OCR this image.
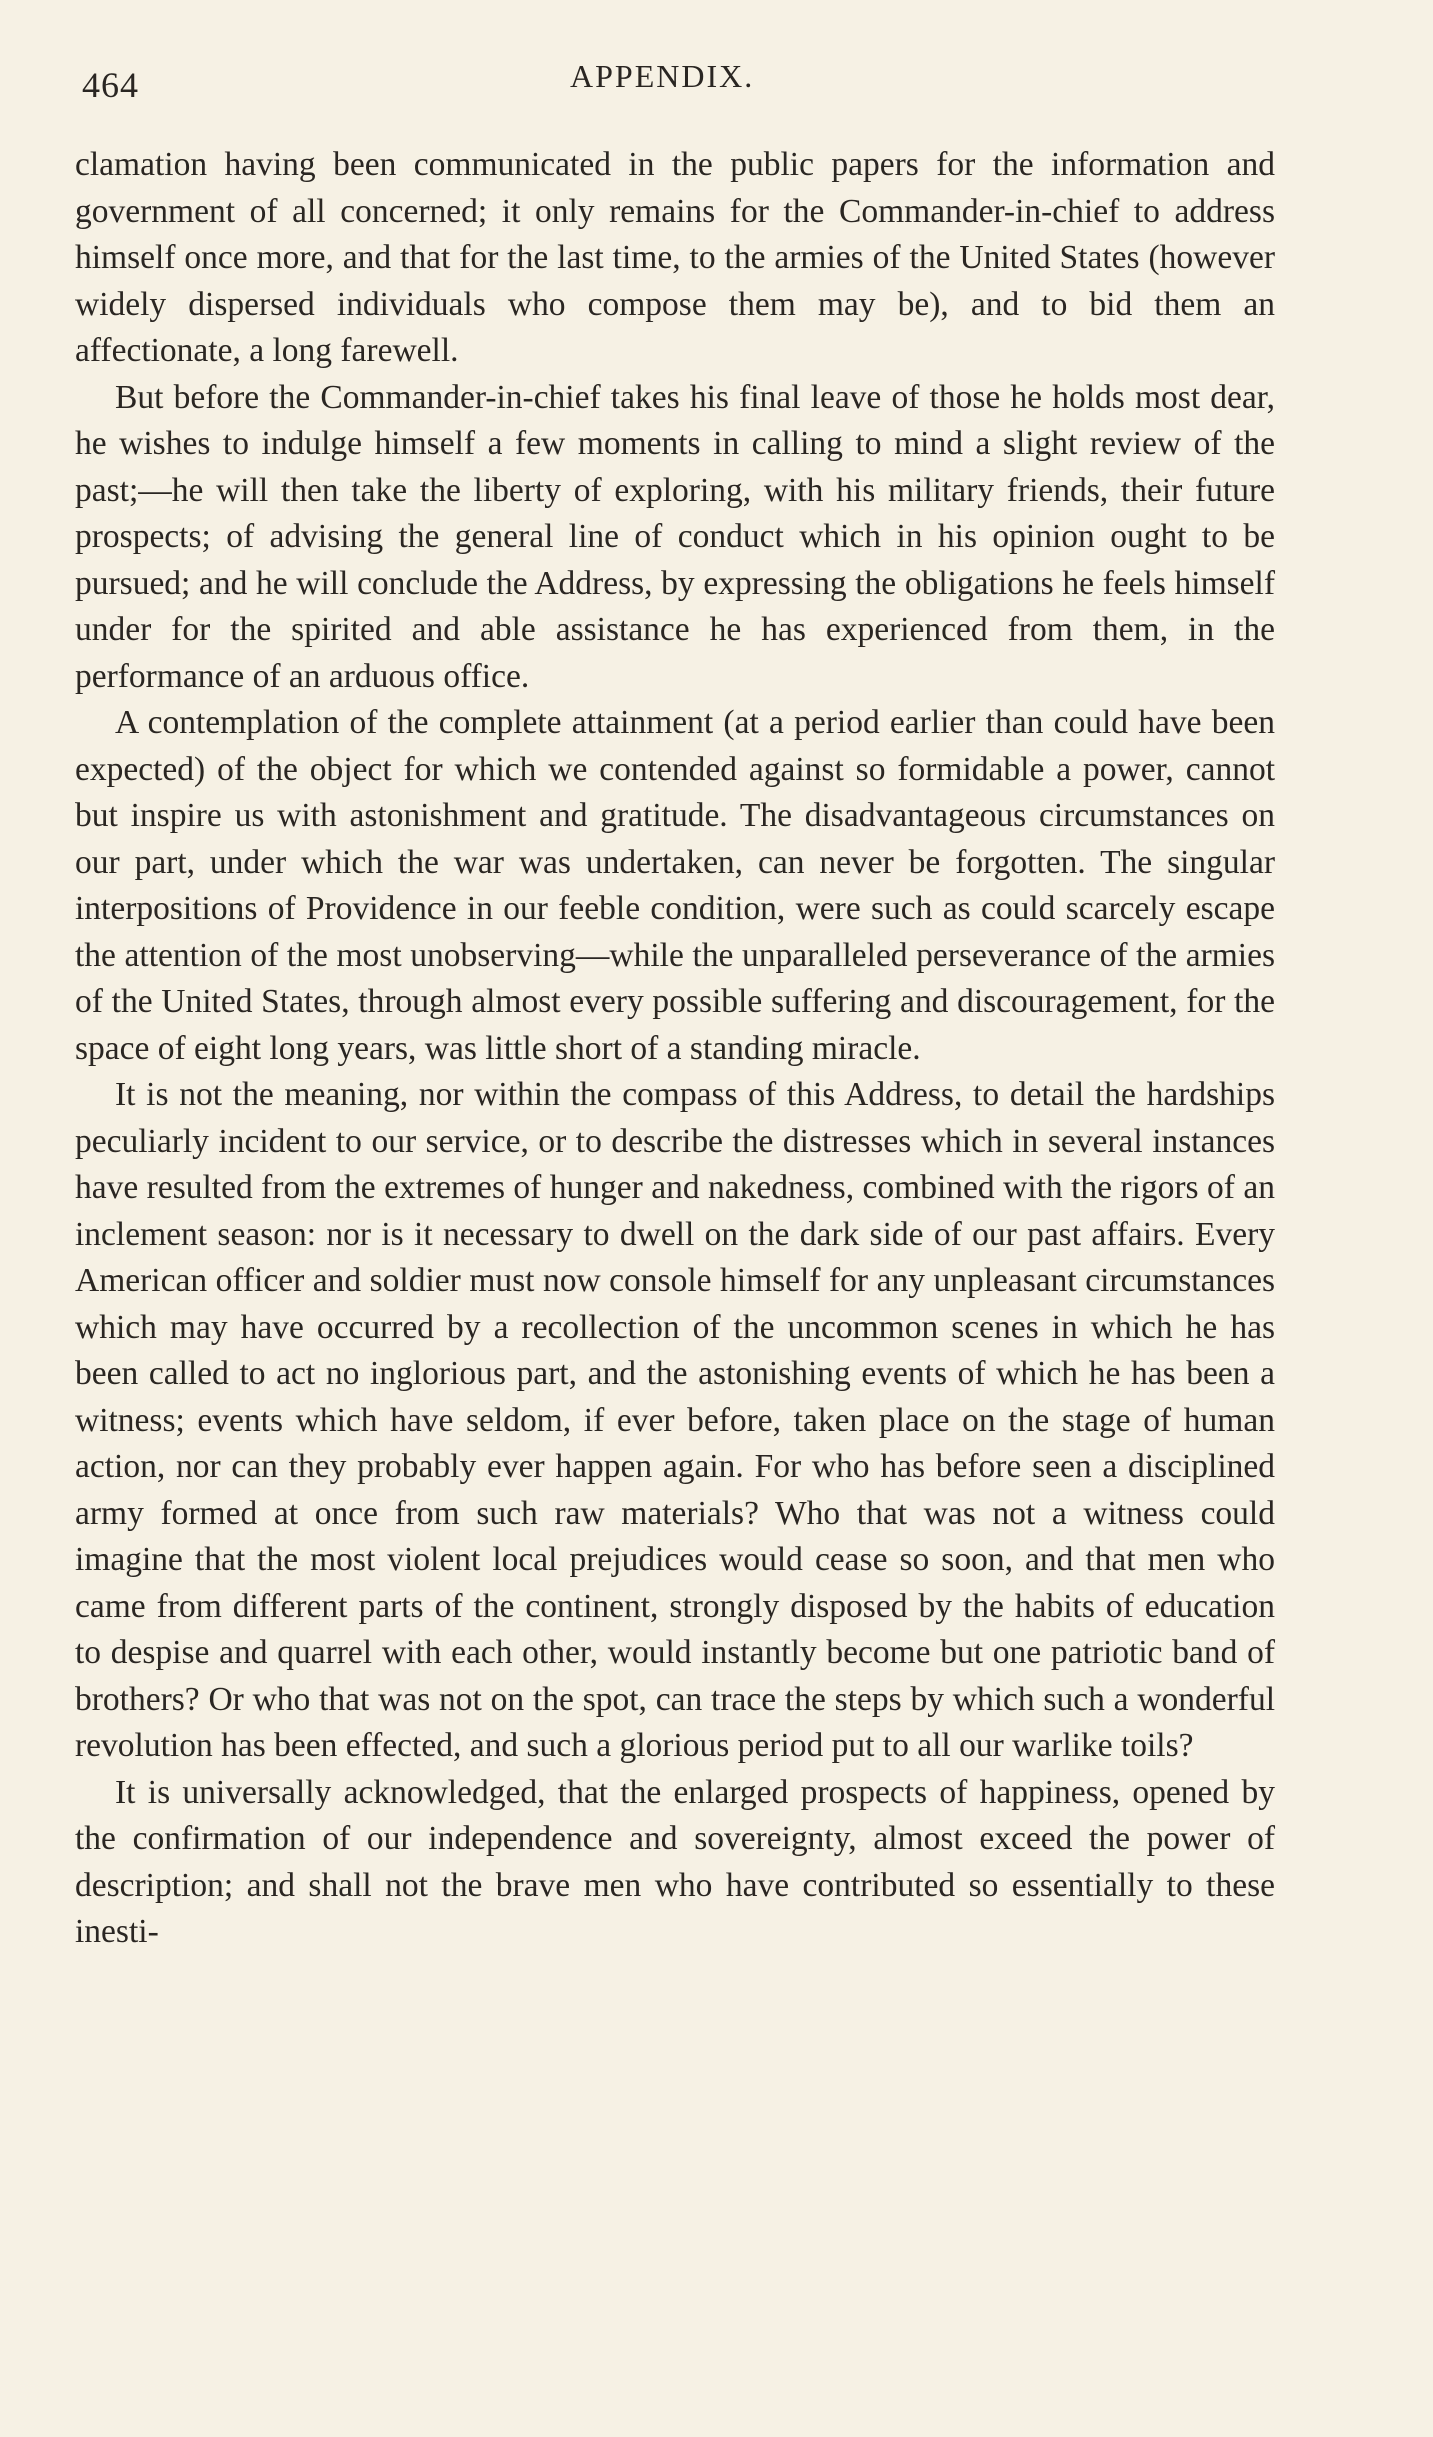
464	APPENDIX.

clamation having been communicated in the public papers for the information and government of all concerned; it only remains for the Commander-in-chief to address himself once more, and that for the last time, to the armies of the United States (however widely dispersed individuals who compose them may be), and to bid them an affectionate, a long farewell.

But before the Commander-in-chief takes his final leave of those he holds most dear, he wishes to indulge himself a few moments in calling to mind a slight review of the past;—he will then take the liberty of exploring, with his military friends, their future prospects; of advising the general line of conduct which in his opinion ought to be pursued; and he will conclude the Address, by expressing the obligations he feels himself under for the spirited and able assistance he has experienced from them, in the performance of an arduous office.

A contemplation of the complete attainment (at a period earlier than could have been expected) of the object for which we contended against so formidable a power, cannot but inspire us with astonishment and gratitude. The disadvantageous circumstances on our part, under which the war was undertaken, can never be forgotten. The singular interpositions of Providence in our feeble condition, were such as could scarcely escape the attention of the most unobserving—while the unparalleled perseverance of the armies of the United States, through almost every possible suffering and discouragement, for the space of eight long years, was little short of a standing miracle.

It is not the meaning, nor within the compass of this Address, to detail the hardships peculiarly incident to our service, or to describe the distresses which in several instances have resulted from the extremes of hunger and nakedness, combined with the rigors of an inclement season: nor is it necessary to dwell on the dark side of our past affairs. Every American officer and soldier must now console himself for any unpleasant circumstances which may have occurred by a recollection of the uncommon scenes in which he has been called to act no inglorious part, and the astonishing events of which he has been a witness; events which have seldom, if ever before, taken place on the stage of human action, nor can they probably ever happen again. For who has before seen a disciplined army formed at once from such raw materials? Who that was not a witness could imagine that the most violent local prejudices would cease so soon, and that men who came from different parts of the continent, strongly disposed by the habits of education to despise and quarrel with each other, would instantly become but one patriotic band of brothers? Or who that was not on the spot, can trace the steps by which such a wonderful revolution has been effected, and such a glorious period put to all our warlike toils?

It is universally acknowledged, that the enlarged prospects of happiness, opened by the confirmation of our independence and sovereignty, almost exceed the power of description; and shall not the brave men who have contributed so essentially to these inesti-
